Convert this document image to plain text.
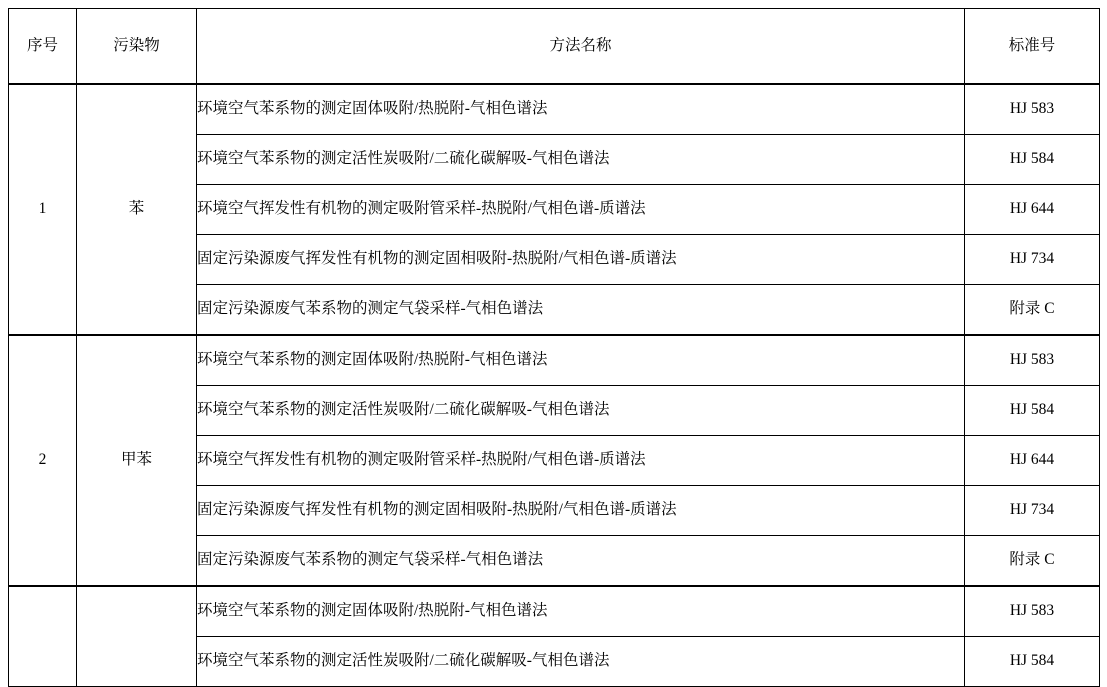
序号	污染物	方法名称	标准号
1	苯	环境空气苯系物的测定固体吸附/热脱附-气相色谱法	HJ 583
		环境空气苯系物的测定活性炭吸附/二硫化碳解吸-气相色谱法	HJ 584
		环境空气挥发性有机物的测定吸附管采样-热脱附/气相色谱-质谱法	HJ 644
		固定污染源废气挥发性有机物的测定固相吸附-热脱附/气相色谱-质谱法	HJ 734
		固定污染源废气苯系物的测定气袋采样-气相色谱法	附录 C
2	甲苯	环境空气苯系物的测定固体吸附/热脱附-气相色谱法	HJ 583
		环境空气苯系物的测定活性炭吸附/二硫化碳解吸-气相色谱法	HJ 584
		环境空气挥发性有机物的测定吸附管采样-热脱附/气相色谱-质谱法	HJ 644
		固定污染源废气挥发性有机物的测定固相吸附-热脱附/气相色谱-质谱法	HJ 734
		固定污染源废气苯系物的测定气袋采样-气相色谱法	附录 C
		环境空气苯系物的测定固体吸附/热脱附-气相色谱法	HJ 583
		环境空气苯系物的测定活性炭吸附/二硫化碳解吸-气相色谱法	HJ 584
